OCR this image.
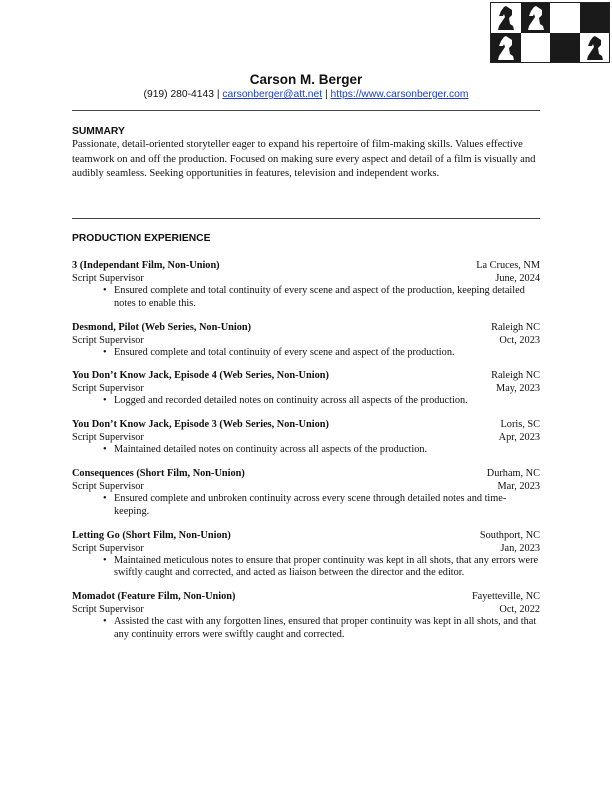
Carson M. Berger
(919) 280-4143 | carsonberger@att.net | https://www.carsonberger.com
SUMMARY
Passionate, detail-oriented storyteller eager to expand his repertoire of film-making skills. Values effective teamwork on and off the production. Focused on making sure every aspect and detail of a film is visually and audibly seamless. Seeking opportunities in features, television and independent works.
PRODUCTION EXPERIENCE
3 (Independant Film, Non-Union)	La Cruces, NM
Script Supervisor	June, 2024
• Ensured complete and total continuity of every scene and aspect of the production, keeping detailed notes to enable this.
Desmond, Pilot (Web Series, Non-Union)	Raleigh NC
Script Supervisor	Oct, 2023
• Ensured complete and total continuity of every scene and aspect of the production.
You Don’t Know Jack, Episode 4 (Web Series, Non-Union)	Raleigh NC
Script Supervisor	May, 2023
• Logged and recorded detailed notes on continuity across all aspects of the production.
You Don’t Know Jack, Episode 3 (Web Series, Non-Union)	Loris, SC
Script Supervisor	Apr, 2023
• Maintained detailed notes on continuity across all aspects of the production.
Consequences (Short Film, Non-Union)	Durham, NC
Script Supervisor	Mar, 2023
• Ensured complete and unbroken continuity across every scene through detailed notes and time-keeping.
Letting Go (Short Film, Non-Union)	Southport, NC
Script Supervisor	Jan, 2023
• Maintained meticulous notes to ensure that proper continuity was kept in all shots, that any errors were swiftly caught and corrected, and acted as liaison between the director and the editor.
Momadot (Feature Film, Non-Union)	Fayetteville, NC
Script Supervisor	Oct, 2022
• Assisted the cast with any forgotten lines, ensured that proper continuity was kept in all shots, and that any continuity errors were swiftly caught and corrected.
